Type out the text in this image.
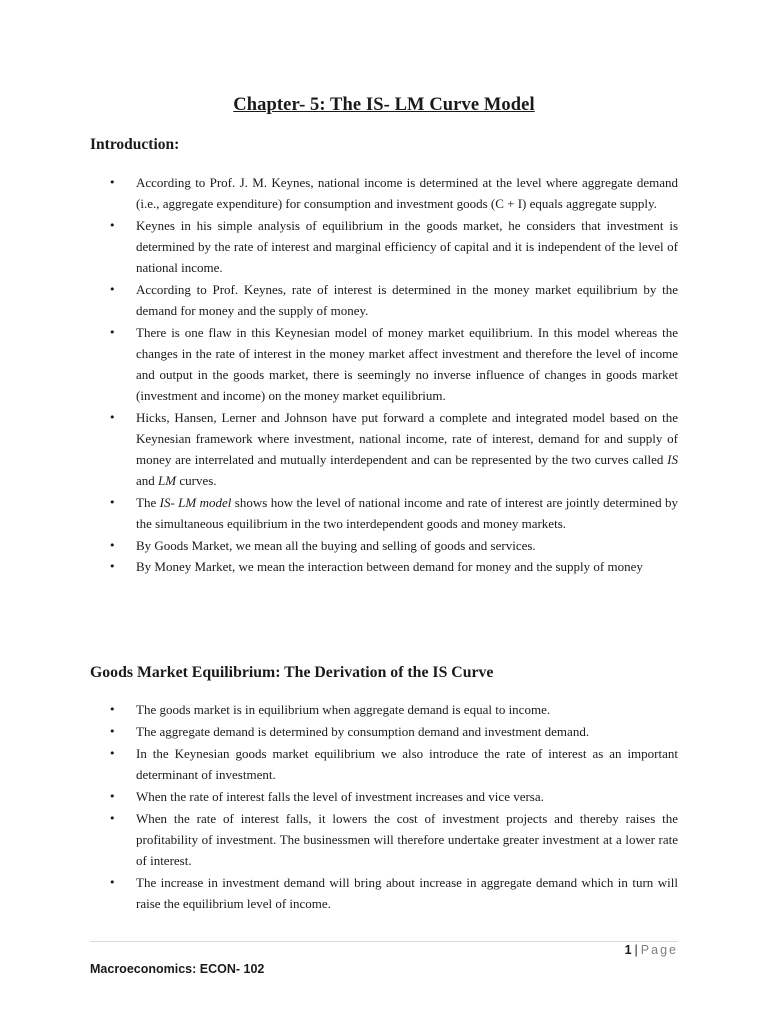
Chapter- 5: The IS- LM Curve Model
Introduction:
• According to Prof. J. M. Keynes, national income is determined at the level where aggregate demand (i.e., aggregate expenditure) for consumption and investment goods (C + I) equals aggregate supply.
• Keynes in his simple analysis of equilibrium in the goods market, he considers that investment is determined by the rate of interest and marginal efficiency of capital and it is independent of the level of national income.
• According to Prof. Keynes, rate of interest is determined in the money market equilibrium by the demand for money and the supply of money.
• There is one flaw in this Keynesian model of money market equilibrium. In this model whereas the changes in the rate of interest in the money market affect investment and therefore the level of income and output in the goods market, there is seemingly no inverse influence of changes in goods market (investment and income) on the money market equilibrium.
• Hicks, Hansen, Lerner and Johnson have put forward a complete and integrated model based on the Keynesian framework where investment, national income, rate of interest, demand for and supply of money are interrelated and mutually interdependent and can be represented by the two curves called IS and LM curves.
• The IS- LM model shows how the level of national income and rate of interest are jointly determined by the simultaneous equilibrium in the two interdependent goods and money markets.
• By Goods Market, we mean all the buying and selling of goods and services.
• By Money Market, we mean the interaction between demand for money and the supply of money
Goods Market Equilibrium: The Derivation of the IS Curve
• The goods market is in equilibrium when aggregate demand is equal to income.
• The aggregate demand is determined by consumption demand and investment demand.
• In the Keynesian goods market equilibrium we also introduce the rate of interest as an important determinant of investment.
• When the rate of interest falls the level of investment increases and vice versa.
• When the rate of interest falls, it lowers the cost of investment projects and thereby raises the profitability of investment. The businessmen will therefore undertake greater investment at a lower rate of interest.
• The increase in investment demand will bring about increase in aggregate demand which in turn will raise the equilibrium level of income.
1 | Page
Macroeconomics: ECON- 102
